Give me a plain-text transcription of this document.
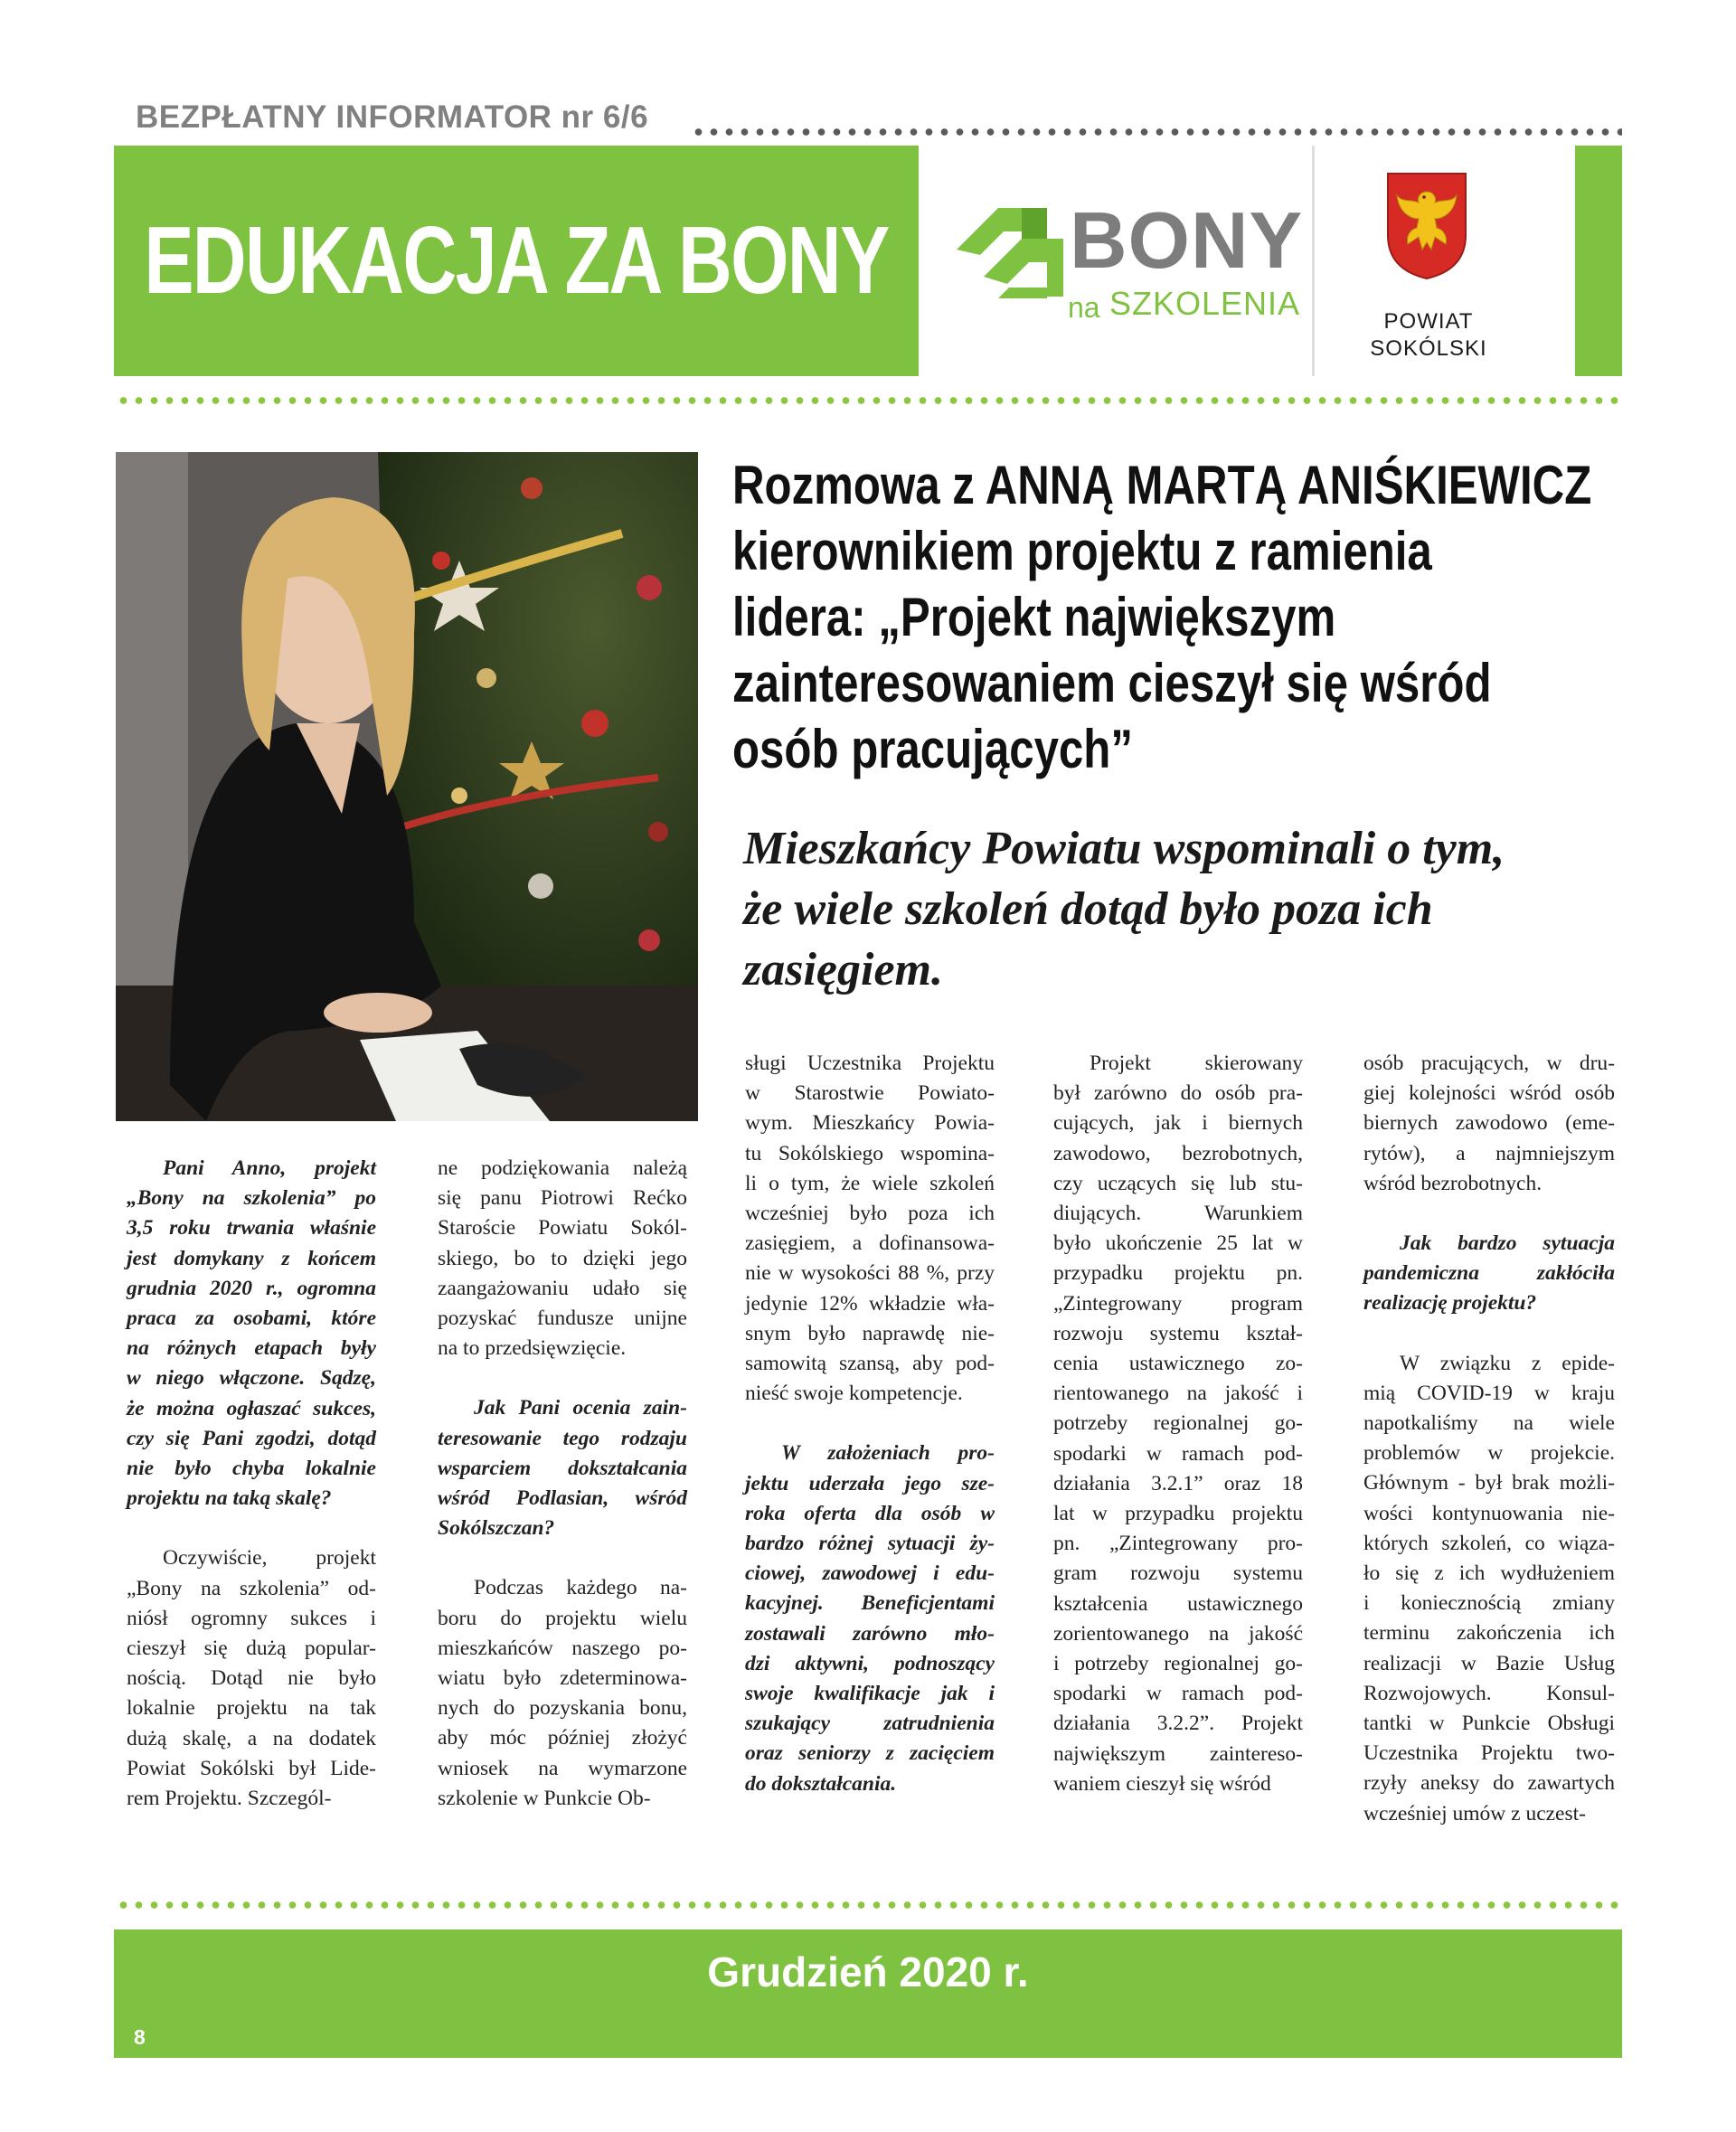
BEZPŁATNY INFORMATOR nr 6/6
EDUKACJA ZA BONY BONY
na SZKOLENIA	POWIAT
SOKÓLSKI
Rozmowa z ANNĄ MARTĄ ANIŚKIEWICZ
kierownikiem projektu z ramienia
lidera: „Projekt największym
zainteresowaniem cieszył się wśród
osób pracujących”
Mieszkańcy Powiatu wspominali o tym,
że wiele szkoleń dotąd było poza ich
zasięgiem.

Pani Anno, projekt

„Bony na szkolenia” po

3,5 roku trwania właśnie

jest domykany z końcem

grudnia 2020 r., ogromna

praca za osobami, które

na różnych etapach były

w niego włączone. Sądzę,

że można ogłaszać sukces,

czy się Pani zgodzi, dotąd

nie było chyba lokalnie

projektu na taką skalę?

Oczywiście, projekt

„Bony na szkolenia” od-

niósł ogromny sukces i

cieszył się dużą popular-

nością. Dotąd nie było

lokalnie projektu na tak

dużą skalę, a na dodatek

Powiat Sokólski był Lide-

rem Projektu. Szczegól-

ne podziękowania należą

się panu Piotrowi Rećko

Staroście Powiatu Sokól-

skiego, bo to dzięki jego

zaangażowaniu udało się

pozyskać fundusze unijne

na to przedsięwzięcie.

Jak Pani ocenia zain-

teresowanie tego rodzaju

wsparciem dokształcania

wśród Podlasian, wśród

Sokólszczan?

Podczas każdego na-

boru do projektu wielu

mieszkańców naszego po-

wiatu było zdeterminowa-

nych do pozyskania bonu,

aby móc później złożyć

wniosek na wymarzone

szkolenie w Punkcie Ob-

sługi Uczestnika Projektu

w Starostwie Powiato-

wym. Mieszkańcy Powia-

tu Sokólskiego wspomina-

li o tym, że wiele szkoleń

wcześniej było poza ich

zasięgiem, a dofinansowa-

nie w wysokości 88 %, przy

jedynie 12% wkładzie wła-

snym było naprawdę nie-

samowitą szansą, aby pod-

nieść swoje kompetencje.

W założeniach pro-

jektu uderzała jego sze-

roka oferta dla osób w

bardzo różnej sytuacji ży-

ciowej, zawodowej i edu-

kacyjnej. Beneficjentami

zostawali zarówno mło-

dzi aktywni, podnoszący

swoje kwalifikacje jak i

szukający zatrudnienia

oraz seniorzy z zacięciem

do dokształcania.

Projekt skierowany

był zarówno do osób pra-

cujących, jak i biernych

zawodowo, bezrobotnych,

czy uczących się lub stu-

diujących. Warunkiem

było ukończenie 25 lat w

przypadku projektu pn.

„Zintegrowany program

rozwoju systemu kształ-

cenia ustawicznego zo-

rientowanego na jakość i

potrzeby regionalnej go-

spodarki w ramach pod-

działania 3.2.1” oraz 18

lat w przypadku projektu

pn. „Zintegrowany pro-

gram rozwoju systemu

kształcenia ustawicznego

zorientowanego na jakość

i potrzeby regionalnej go-

spodarki w ramach pod-

działania 3.2.2”. Projekt

największym zaintereso-

waniem cieszył się wśród

osób pracujących, w dru-

giej kolejności wśród osób

biernych zawodowo (eme-

rytów), a najmniejszym

wśród bezrobotnych.

Jak bardzo sytuacja

pandemiczna zakłóciła

realizację projektu?

W związku z epide-

mią COVID-19 w kraju

napotkaliśmy na wiele

problemów w projekcie.

Głównym - był brak możli-

wości kontynuowania nie-

których szkoleń, co wiąza-

ło się z ich wydłużeniem

i koniecznością zmiany

terminu zakończenia ich

realizacji w Bazie Usług

Rozwojowych. Konsul-

tantki w Punkcie Obsługi

Uczestnika Projektu two-

rzyły aneksy do zawartych

wcześniej umów z uczest-

Grudzień 2020 r.
8
